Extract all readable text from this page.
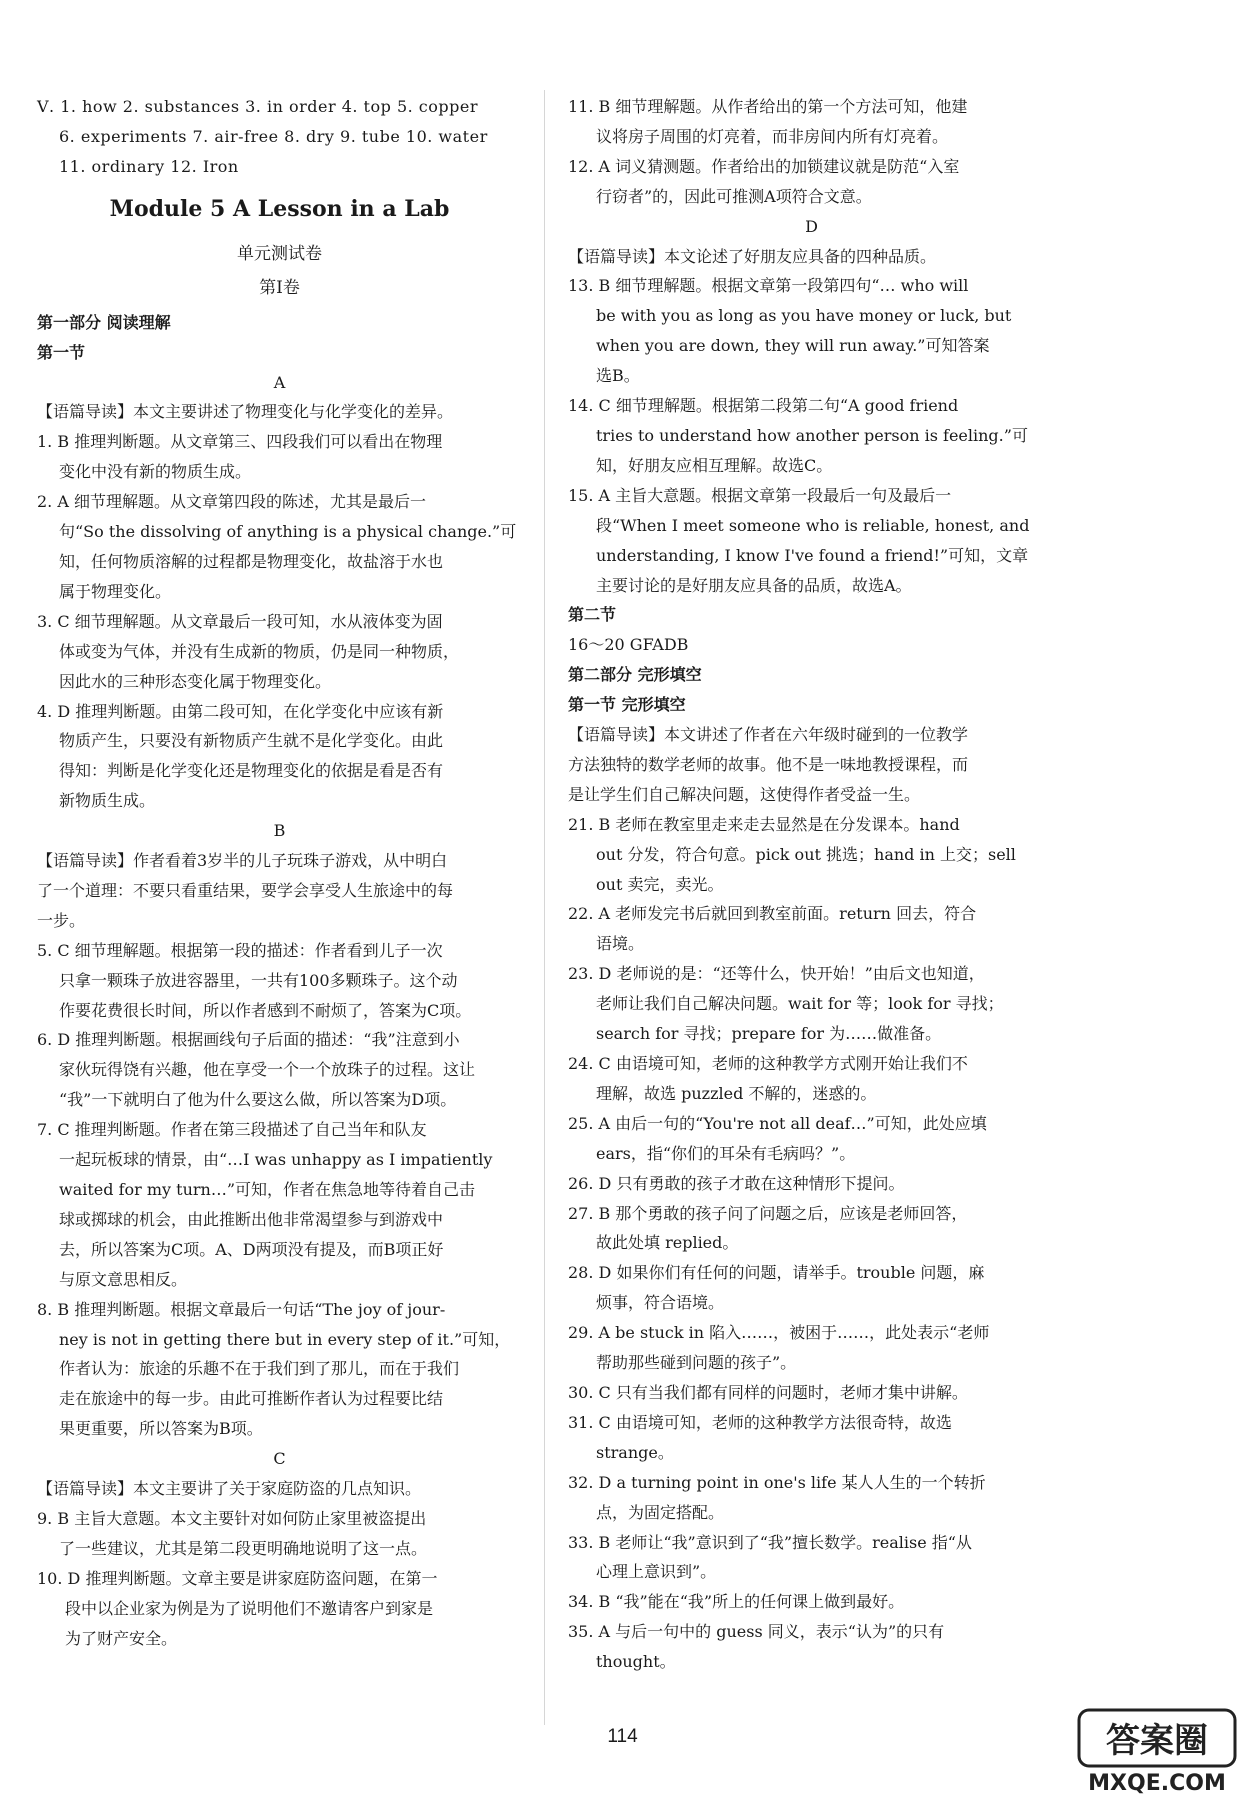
Ⅴ. 1. how 2. substances 3. in order 4. top 5. copper

6. experiments 7. air-free 8. dry 9. tube 10. water

11. ordinary 12. Iron

Module 5 A Lesson in a Lab
单元测试卷
第Ⅰ卷

第一部分 阅读理解

第一节

A

【语篇导读】本文主要讲述了物理变化与化学变化的差异。

1. B 推理判断题。从文章第三、四段我们可以看出在物理

变化中没有新的物质生成。

2. A 细节理解题。从文章第四段的陈述，尤其是最后一

句“So the dissolving of anything is a physical change.”可

知，任何物质溶解的过程都是物理变化，故盐溶于水也

属于物理变化。

3. C 细节理解题。从文章最后一段可知，水从液体变为固

体或变为气体，并没有生成新的物质，仍是同一种物质，

因此水的三种形态变化属于物理变化。

4. D 推理判断题。由第二段可知，在化学变化中应该有新

物质产生，只要没有新物质产生就不是化学变化。由此

得知：判断是化学变化还是物理变化的依据是看是否有

新物质生成。

B

【语篇导读】作者看着3岁半的儿子玩珠子游戏，从中明白

了一个道理：不要只看重结果，要学会享受人生旅途中的每

一步。

5. C 细节理解题。根据第一段的描述：作者看到儿子一次

只拿一颗珠子放进容器里，一共有100多颗珠子。这个动

作要花费很长时间，所以作者感到不耐烦了，答案为C项。

6. D 推理判断题。根据画线句子后面的描述：“我”注意到小

家伙玩得饶有兴趣，他在享受一个一个放珠子的过程。这让

“我”一下就明白了他为什么要这么做，所以答案为D项。

7. C 推理判断题。作者在第三段描述了自己当年和队友

一起玩板球的情景，由“…I was unhappy as I impatiently

waited for my turn…”可知，作者在焦急地等待着自己击

球或掷球的机会，由此推断出他非常渴望参与到游戏中

去，所以答案为C项。A、D两项没有提及，而B项正好

与原文意思相反。

8. B 推理判断题。根据文章最后一句话“The joy of jour-

ney is not in getting there but in every step of it.”可知，

作者认为：旅途的乐趣不在于我们到了那儿，而在于我们

走在旅途中的每一步。由此可推断作者认为过程要比结

果更重要，所以答案为B项。

C

【语篇导读】本文主要讲了关于家庭防盗的几点知识。

9. B 主旨大意题。本文主要针对如何防止家里被盗提出

了一些建议，尤其是第二段更明确地说明了这一点。

10. D 推理判断题。文章主要是讲家庭防盗问题，在第一

段中以企业家为例是为了说明他们不邀请客户到家是

为了财产安全。

11. B 细节理解题。从作者给出的第一个方法可知，他建

议将房子周围的灯亮着，而非房间内所有灯亮着。

12. A 词义猜测题。作者给出的加锁建议就是防范“入室

行窃者”的，因此可推测A项符合文意。

D

【语篇导读】本文论述了好朋友应具备的四种品质。

13. B 细节理解题。根据文章第一段第四句“… who will

be with you as long as you have money or luck, but

when you are down, they will run away.”可知答案

选B。

14. C 细节理解题。根据第二段第二句“A good friend

tries to understand how another person is feeling.”可

知，好朋友应相互理解。故选C。

15. A 主旨大意题。根据文章第一段最后一句及最后一

段“When I meet someone who is reliable, honest, and

understanding, I know I've found a friend!”可知，文章

主要讨论的是好朋友应具备的品质，故选A。

第二节

16～20 GFADB

第二部分 完形填空

第一节 完形填空

【语篇导读】本文讲述了作者在六年级时碰到的一位教学

方法独特的数学老师的故事。他不是一味地教授课程，而

是让学生们自己解决问题，这使得作者受益一生。

21. B 老师在教室里走来走去显然是在分发课本。hand

out 分发，符合句意。pick out 挑选；hand in 上交；sell

out 卖完，卖光。

22. A 老师发完书后就回到教室前面。return 回去，符合

语境。

23. D 老师说的是：“还等什么，快开始！”由后文也知道，

老师让我们自己解决问题。wait for 等；look for 寻找；

search for 寻找；prepare for 为……做准备。

24. C 由语境可知，老师的这种教学方式刚开始让我们不

理解，故选 puzzled 不解的，迷惑的。

25. A 由后一句的“You're not all deaf…”可知，此处应填

ears，指“你们的耳朵有毛病吗？”。

26. D 只有勇敢的孩子才敢在这种情形下提问。

27. B 那个勇敢的孩子问了问题之后，应该是老师回答，

故此处填 replied。

28. D 如果你们有任何的问题，请举手。trouble 问题，麻

烦事，符合语境。

29. A be stuck in 陷入……，被困于……，此处表示“老师

帮助那些碰到问题的孩子”。

30. C 只有当我们都有同样的问题时，老师才集中讲解。

31. C 由语境可知，老师的这种教学方法很奇特，故选

strange。

32. D a turning point in one's life 某人人生的一个转折

点，为固定搭配。

33. B 老师让“我”意识到了“我”擅长数学。realise 指“从

心理上意识到”。

34. B “我”能在“我”所上的任何课上做到最好。

35. A 与后一句中的 guess 同义，表示“认为”的只有

thought。

114	答案圈
MXQE.COM
